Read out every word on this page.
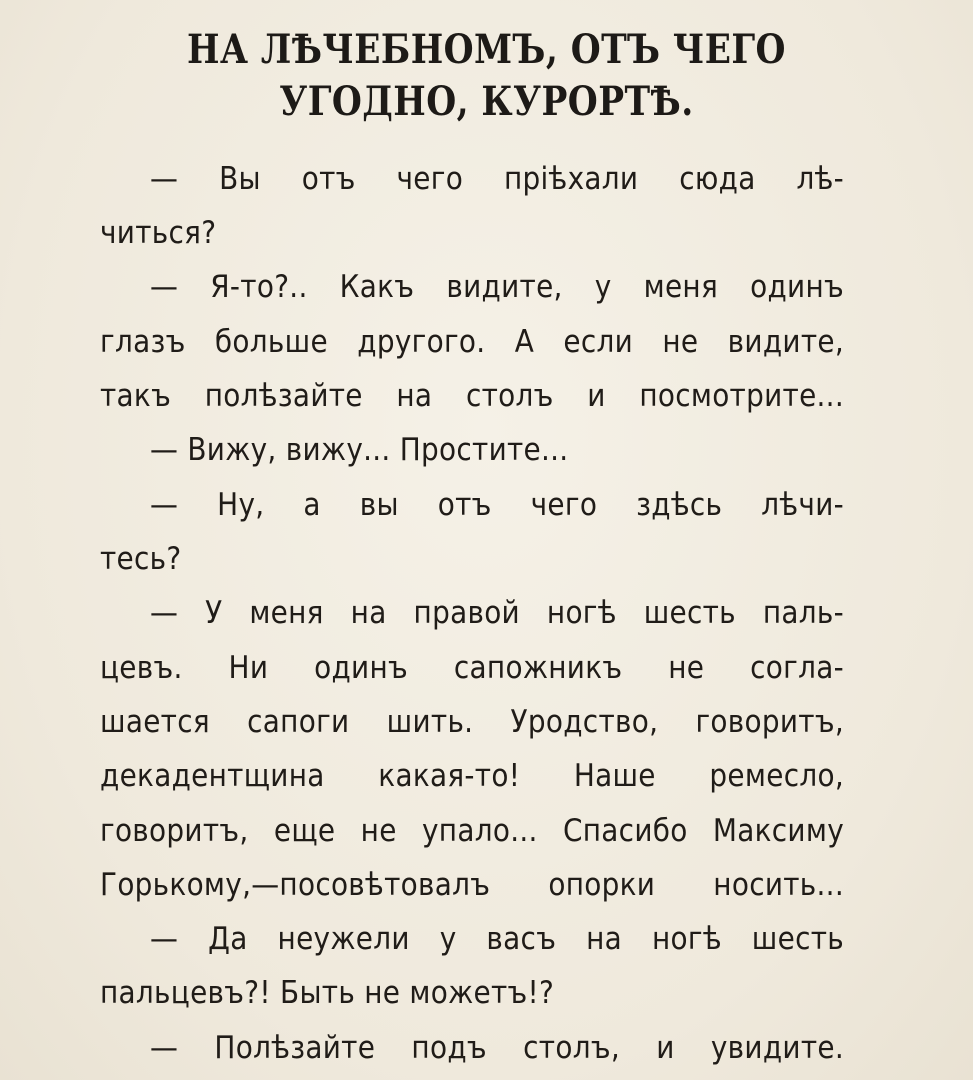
НА ЛѢЧЕБНОМЪ, ОТЪ ЧЕГО
УГОДНО, КУРОРТѢ.
— Вы отъ чего пріѣхали сюда лѣ-
читься?
— Я-то?.. Какъ видите, у меня одинъ
глазъ больше другого. А если не видите,
такъ полѣзайте на столъ и посмотрите...
— Вижу, вижу... Простите...
— Ну, а вы отъ чего здѣсь лѣчи-
тесь?
— У меня на правой ногѣ шесть паль-
цевъ. Ни одинъ сапожникъ не согла-
шается сапоги шить. Уродство, говоритъ,
декадентщина какая-то! Наше ремесло,
говоритъ, еще не упало... Спасибо Максиму
Горькому,—посовѣтовалъ опорки носить...
— Да неужели у васъ на ногѣ шесть
пальцевъ?! Быть не можетъ!?
— Полѣзайте подъ столъ, и увидите.
